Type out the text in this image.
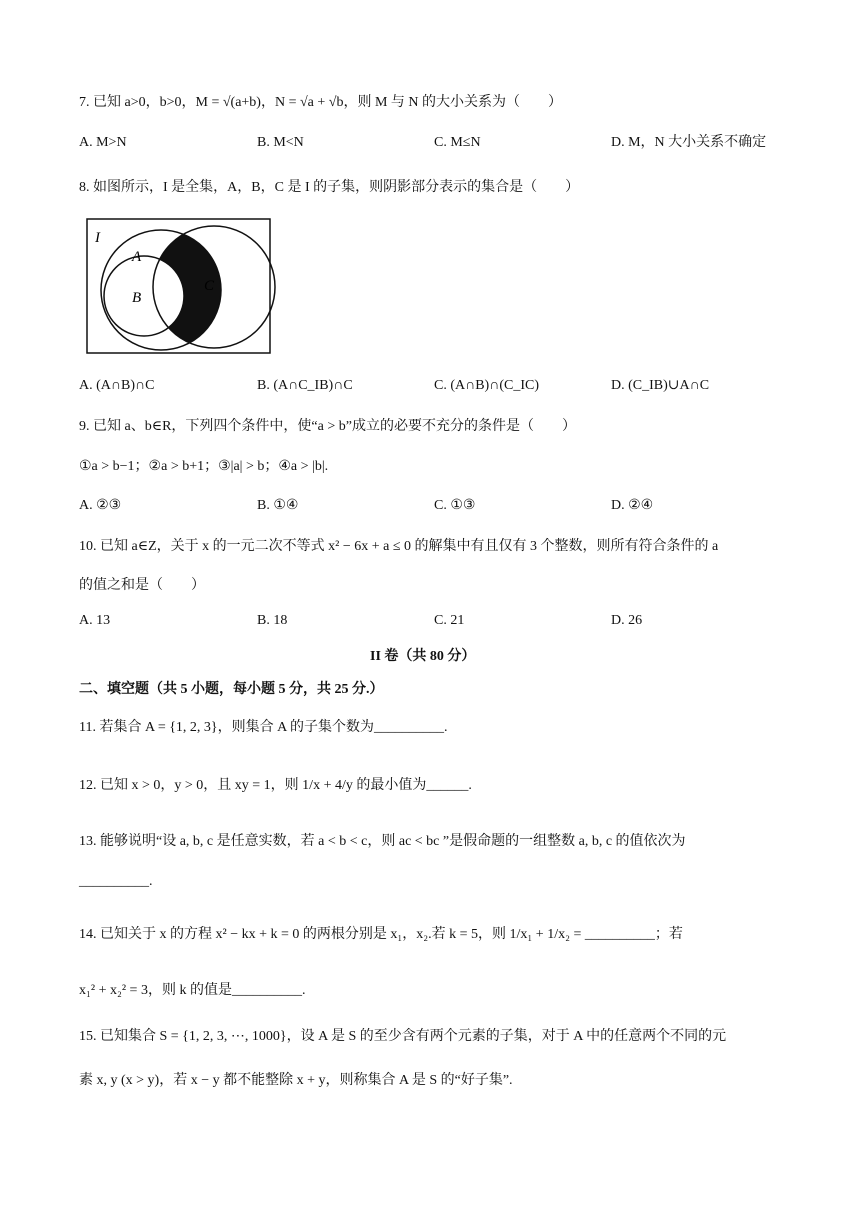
7. 已知 a>0，b>0，M = √(a+b)，N = √a + √b，则 M 与 N 的大小关系为（　　）
A. M>N	B. M<N	C. M≤N	D. M，N 大小关系不确定
8. 如图所示，I 是全集，A，B，C 是 I 的子集，则阴影部分表示的集合是（　　）
I
A
B
C
A. (A∩B)∩C	B. (A∩C_IB)∩C	C. (A∩B)∩(C_IC)	D. (C_IB)∪A∩C
9. 已知 a、b∈R，下列四个条件中，使“a > b”成立的必要不充分的条件是（　　）
①a > b−1；②a > b+1；③|a| > b；④a > |b|.
A. ②③	B. ①④	C. ①③	D. ②④
10. 已知 a∈Z，关于 x 的一元二次不等式 x² − 6x + a ≤ 0 的解集中有且仅有 3 个整数，则所有符合条件的 a
的值之和是（　　）
A. 13	B. 18	C. 21	D. 26
II 卷（共 80 分）
二、填空题（共 5 小题，每小题 5 分，共 25 分.）
11. 若集合 A = {1, 2, 3}，则集合 A 的子集个数为__________.
12. 已知 x > 0，y > 0，且 xy = 1，则 1/x + 4/y 的最小值为______.
13. 能够说明“设 a, b, c 是任意实数，若 a < b < c，则 ac < bc ”是假命题的一组整数 a, b, c 的值依次为
__________.
14. 已知关于 x 的方程 x² − kx + k = 0 的两根分别是 x₁，x₂.若 k = 5，则 1/x₁ + 1/x₂ = __________；若
x₁² + x₂² = 3，则 k 的值是__________.
15. 已知集合 S = {1, 2, 3, ⋯, 1000}，设 A 是 S 的至少含有两个元素的子集，对于 A 中的任意两个不同的元
素 x, y (x > y)，若 x − y 都不能整除 x + y，则称集合 A 是 S 的“好子集”.
